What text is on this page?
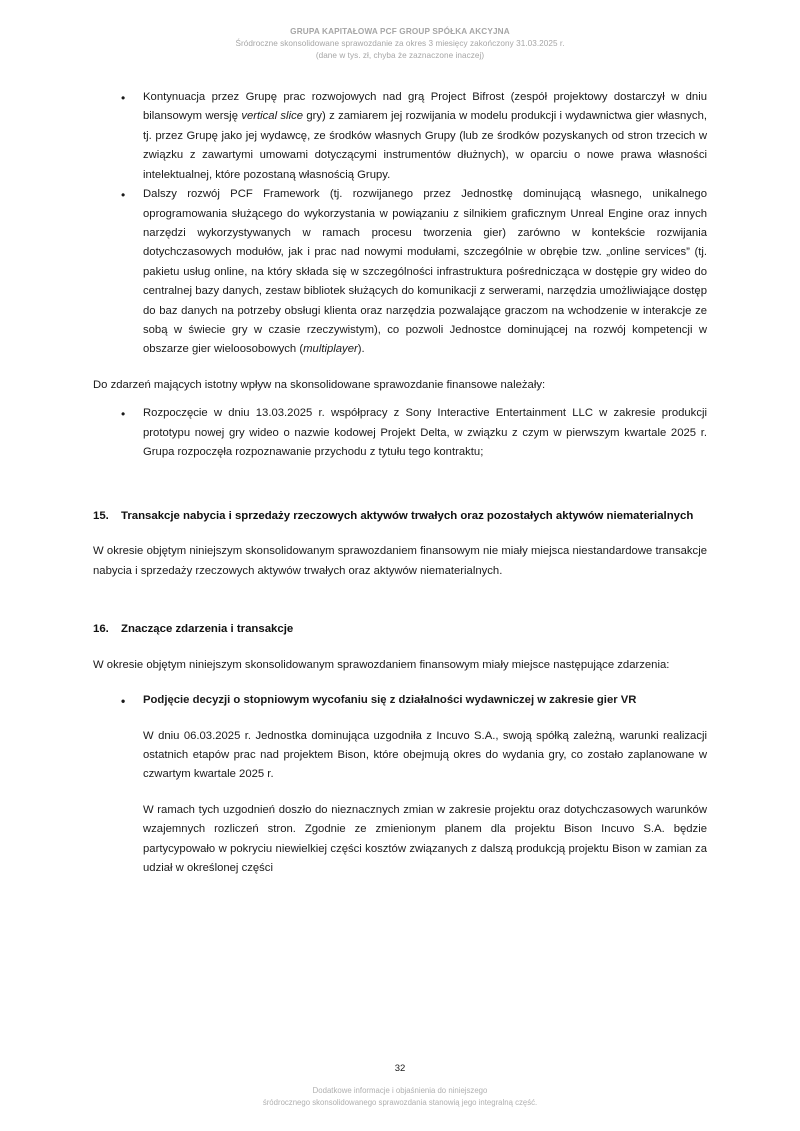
GRUPA KAPITAŁOWA PCF GROUP SPÓŁKA AKCYJNA
Śródroczne skonsolidowane sprawozdanie za okres 3 miesięcy zakończony 31.03.2025 r.
(dane w tys. zł, chyba że zaznaczone inaczej)
• Kontynuacja przez Grupę prac rozwojowych nad grą Project Bifrost (zespół projektowy dostarczył w dniu bilansowym wersję vertical slice gry) z zamiarem jej rozwijania w modelu produkcji i wydawnictwa gier własnych, tj. przez Grupę jako jej wydawcę, ze środków własnych Grupy (lub ze środków pozyskanych od stron trzecich w związku z zawartymi umowami dotyczącymi instrumentów dłużnych), w oparciu o nowe prawa własności intelektualnej, które pozostaną własnością Grupy.
• Dalszy rozwój PCF Framework (tj. rozwijanego przez Jednostkę dominującą własnego, unikalnego oprogramowania służącego do wykorzystania w powiązaniu z silnikiem graficznym Unreal Engine oraz innych narzędzi wykorzystywanych w ramach procesu tworzenia gier) zarówno w kontekście rozwijania dotychczasowych modułów, jak i prac nad nowymi modułami, szczególnie w obrębie tzw. „online services” (tj. pakietu usług online, na który składa się w szczególności infrastruktura pośrednicząca w dostępie gry wideo do centralnej bazy danych, zestaw bibliotek służących do komunikacji z serwerami, narzędzia umożliwiające dostęp do baz danych na potrzeby obsługi klienta oraz narzędzia pozwalające graczom na wchodzenie w interakcje ze sobą w świecie gry w czasie rzeczywistym), co pozwoli Jednostce dominującej na rozwój kompetencji w obszarze gier wieloosobowych (multiplayer).

Do zdarzeń mających istotny wpływ na skonsolidowane sprawozdanie finansowe należały:

• Rozpoczęcie w dniu 13.03.2025 r. współpracy z Sony Interactive Entertainment LLC w zakresie produkcji prototypu nowej gry wideo o nazwie kodowej Projekt Delta, w związku z czym w pierwszym kwartale 2025 r. Grupa rozpoczęła rozpoznawanie przychodu z tytułu tego kontraktu;
15. Transakcje nabycia i sprzedaży rzeczowych aktywów trwałych oraz pozostałych aktywów niematerialnych

W okresie objętym niniejszym skonsolidowanym sprawozdaniem finansowym nie miały miejsca niestandardowe transakcje nabycia i sprzedaży rzeczowych aktywów trwałych oraz aktywów niematerialnych.

16. Znaczące zdarzenia i transakcje

W okresie objętym niniejszym skonsolidowanym sprawozdaniem finansowym miały miejsce następujące zdarzenia:

• Podjęcie decyzji o stopniowym wycofaniu się z działalności wydawniczej w zakresie gier VR

W dniu 06.03.2025 r. Jednostka dominująca uzgodniła z Incuvo S.A., swoją spółką zależną, warunki realizacji ostatnich etapów prac nad projektem Bison, które obejmują okres do wydania gry, co zostało zaplanowane w czwartym kwartale 2025 r.

W ramach tych uzgodnień doszło do nieznacznych zmian w zakresie projektu oraz dotychczasowych warunków wzajemnych rozliczeń stron. Zgodnie ze zmienionym planem dla projektu Bison Incuvo S.A. będzie partycypowało w pokryciu niewielkiej części kosztów związanych z dalszą produkcją projektu Bison w zamian za udział w określonej części

32
Dodatkowe informacje i objaśnienia do niniejszego
śródrocznego skonsolidowanego sprawozdania stanowią jego integralną część.
